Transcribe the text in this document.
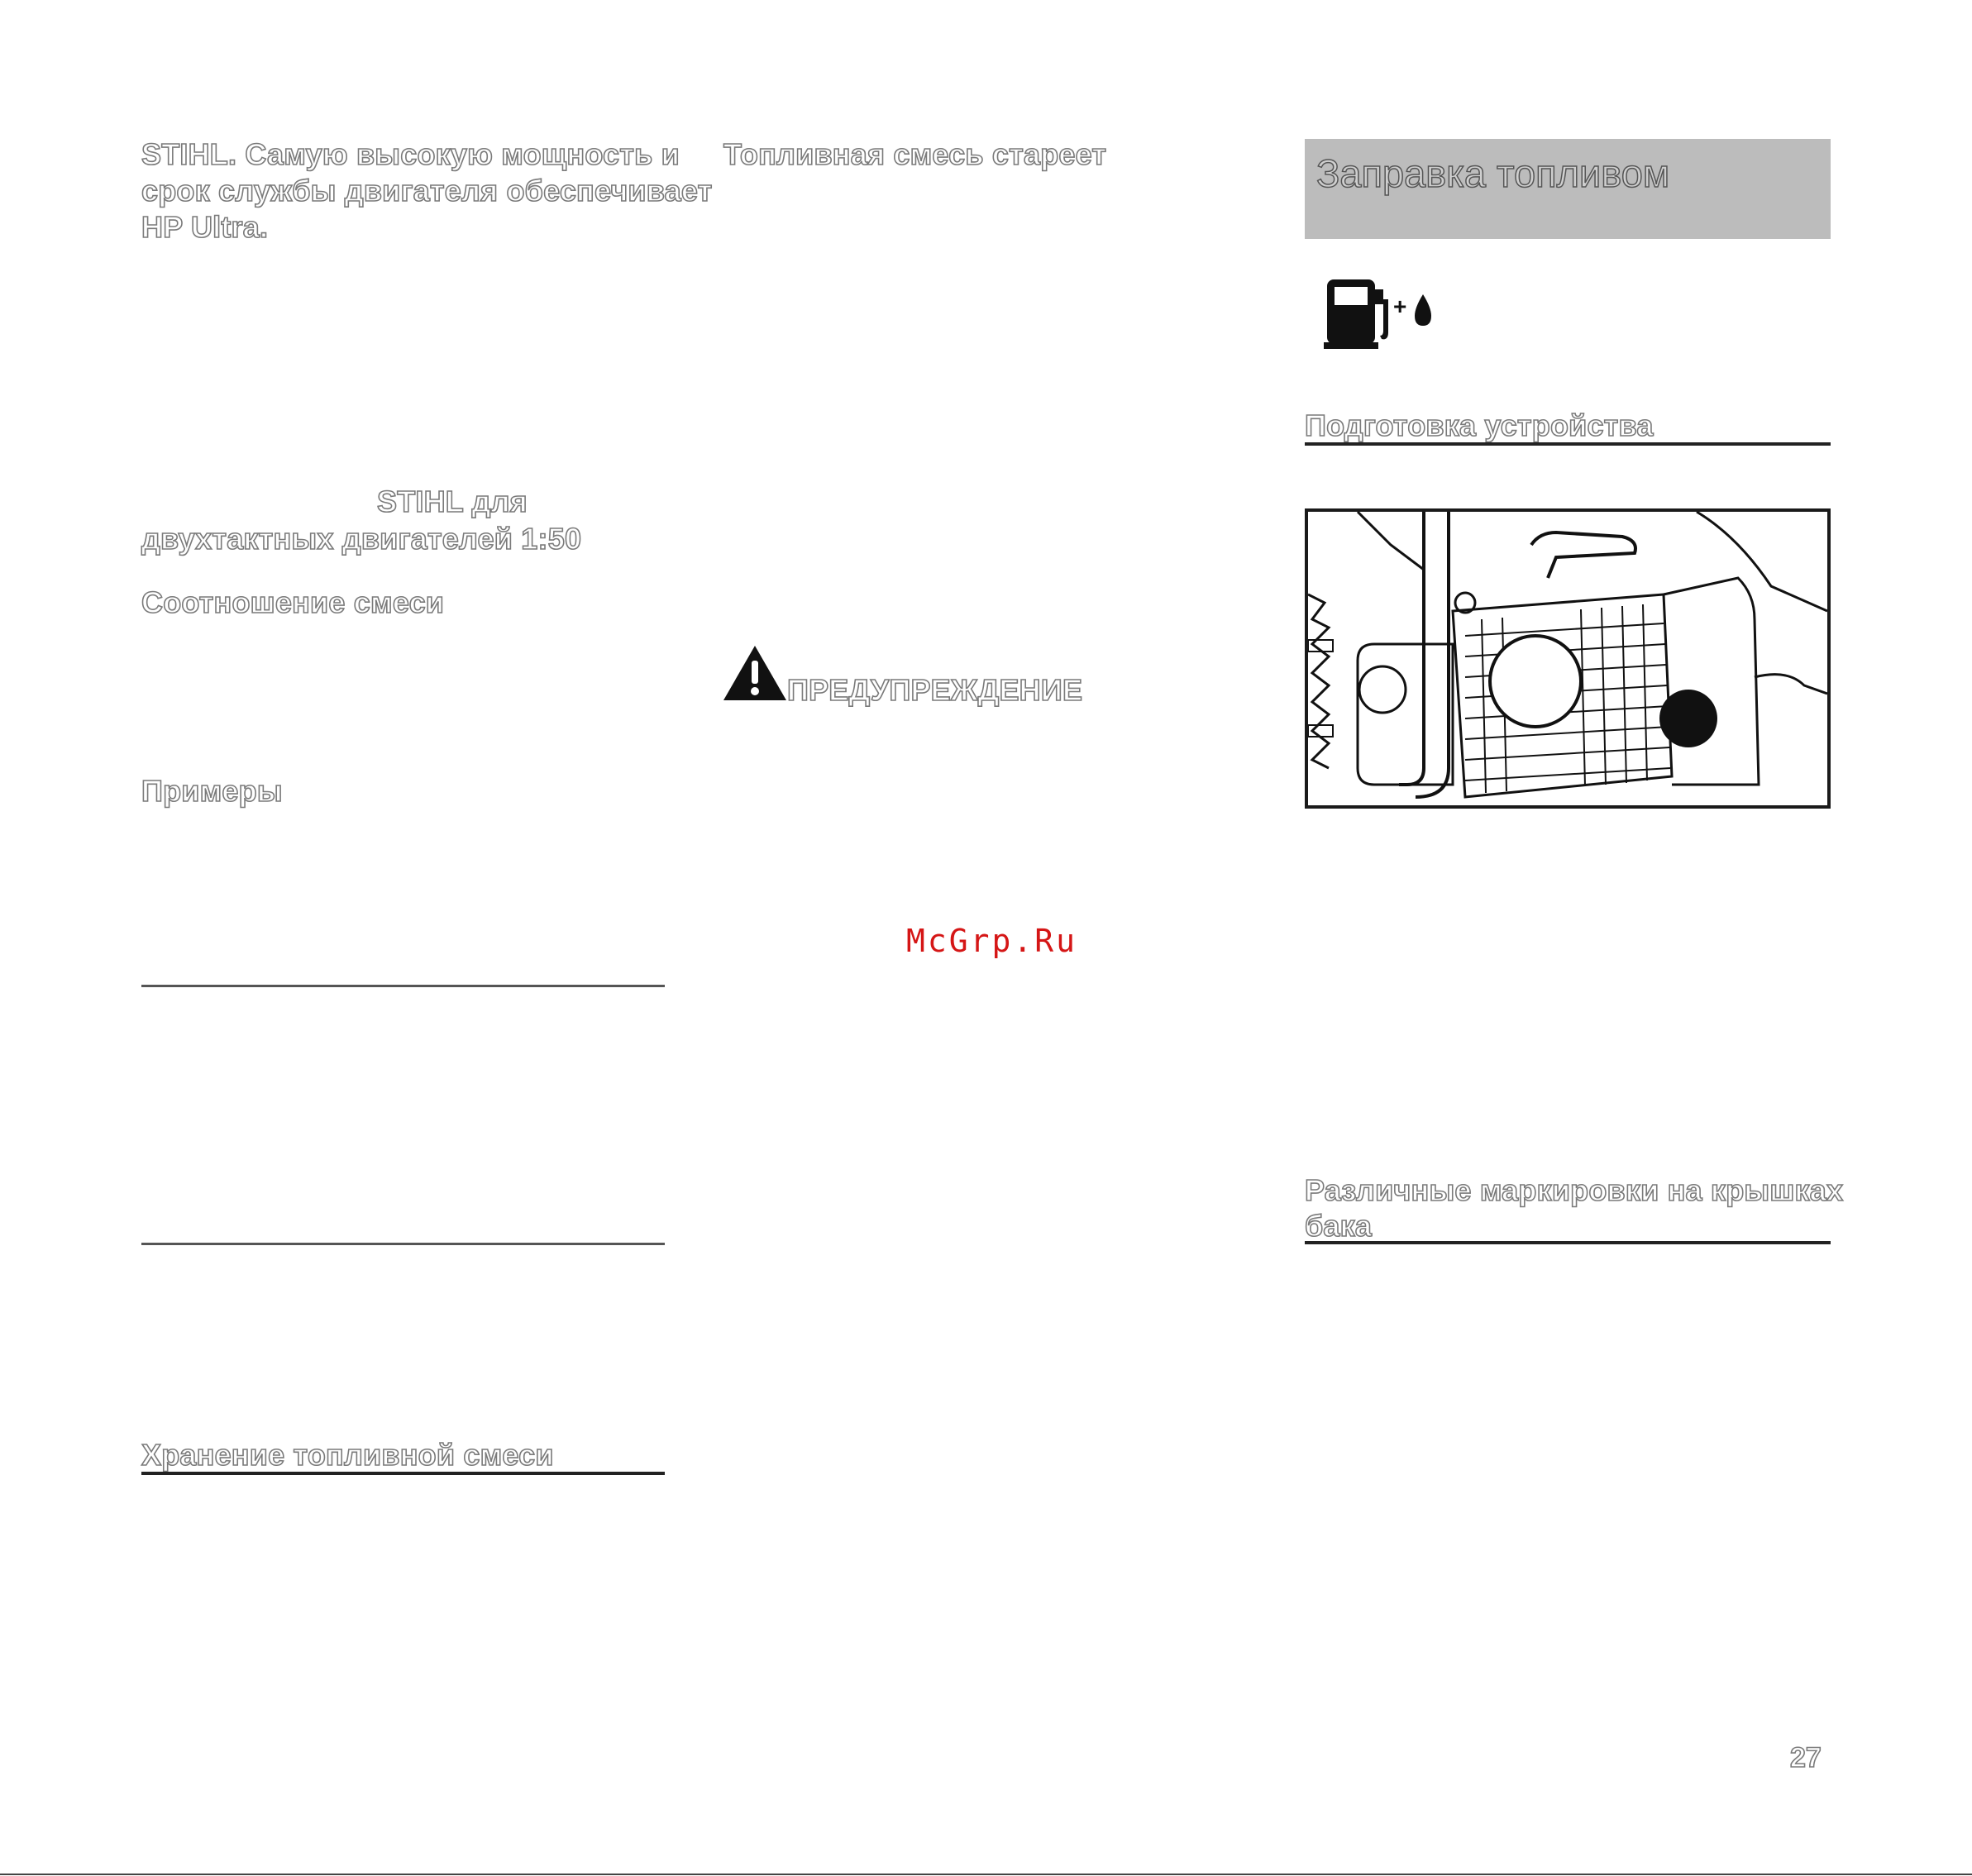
STIHL. Самую высокую мощность и
срок службы двигателя обеспечивает
HP Ultra.
STIHL для
двухтактных двигателей 1:50
Соотношение смеси
Примеры
Хранение топливной смеси
Топливная смесь стареет
ПРЕДУПРЕЖДЕНИЕ
McGrp.Ru
Заправка топливом
+
Подготовка устройства
Различные маркировки на крышках
бака
27
